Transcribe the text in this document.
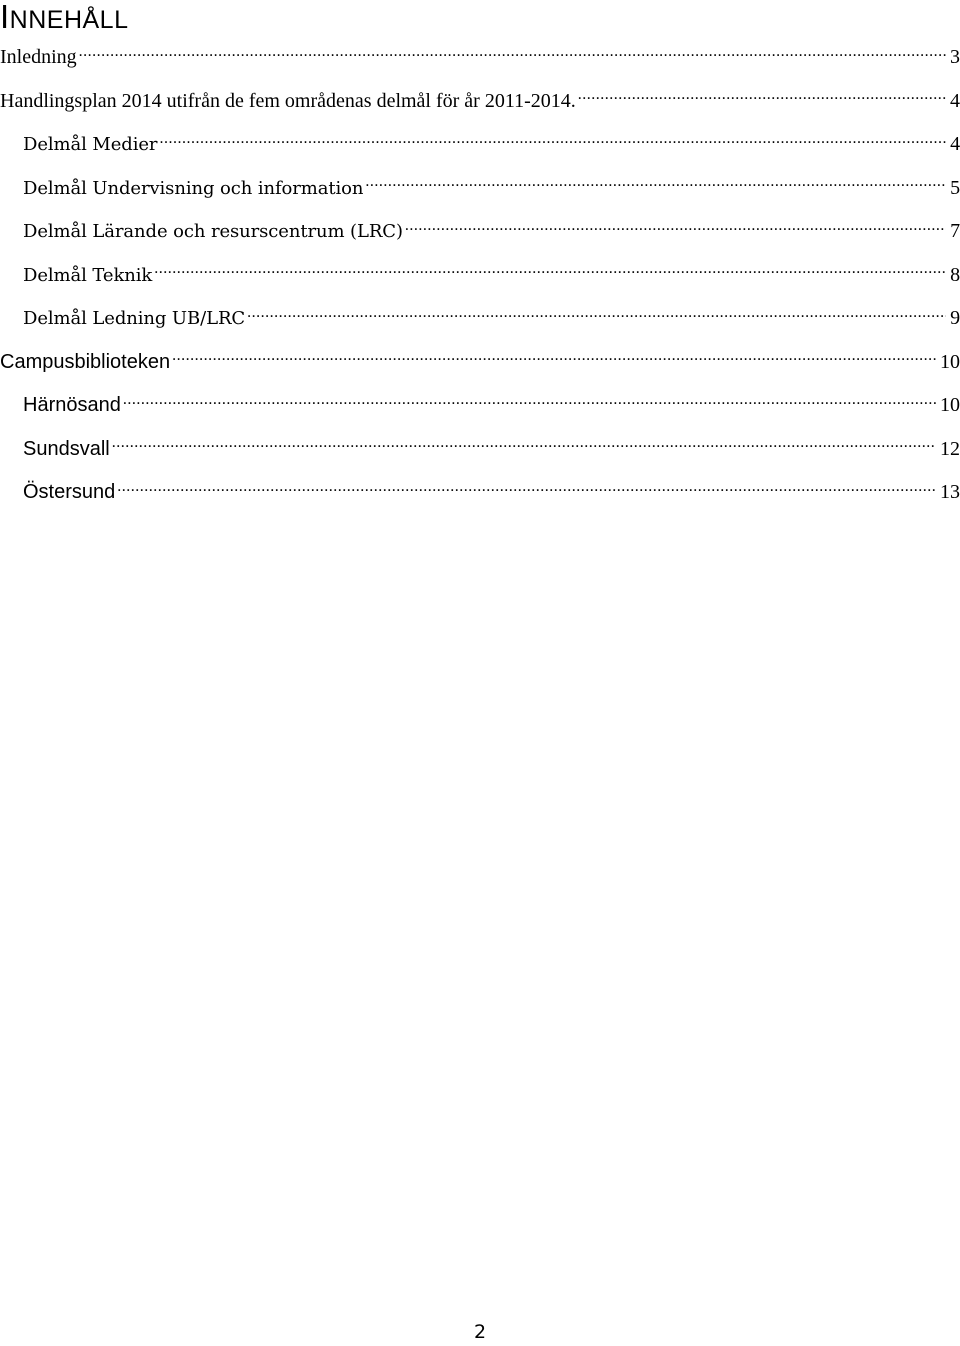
INNEHÅLL
Inledning .....	3
Handlingsplan 2014 utifrån de fem områdenas delmål för år 2011-2014. .....	4
Delmål Medier .....	4
Delmål Undervisning och information .....	5
Delmål Lärande och resurscentrum (LRC) .....	7
Delmål Teknik .....	8
Delmål Ledning UB/LRC .....	9
Campusbiblioteken .....	10
Härnösand .....	10
Sundsvall .....	12
Östersund .....	13
2
